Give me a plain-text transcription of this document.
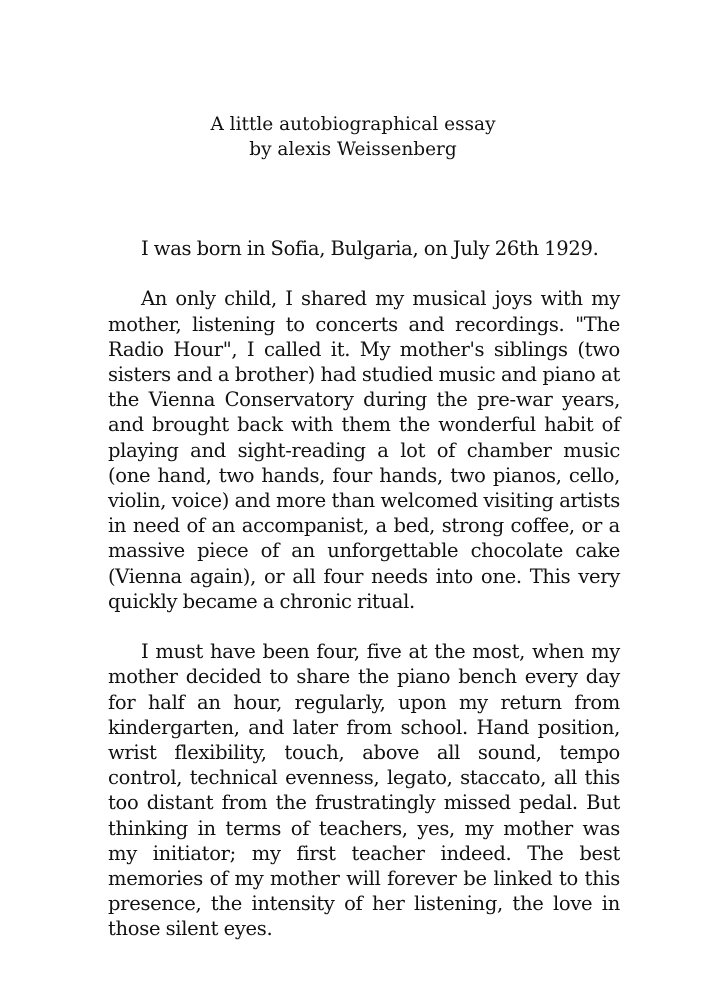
A little autobiographical essay
by alexis Weissenberg

I was born in Sofia, Bulgaria, on July 26th 1929.

An only child, I shared my musical joys with my mother, listening to concerts and recordings. "The Radio Hour", I called it. My mother's siblings (two sisters and a brother) had studied music and piano at the Vienna Conservatory during the pre-war years, and brought back with them the wonderful habit of playing and sight-reading a lot of chamber music (one hand, two hands, four hands, two pianos, cello, violin, voice) and more than welcomed visiting artists in need of an accompanist, a bed, strong coffee, or a massive piece of an unforgettable chocolate cake (Vienna again), or all four needs into one. This very quickly became a chronic ritual.

I must have been four, five at the most, when my mother decided to share the piano bench every day for half an hour, regularly, upon my return from kindergarten, and later from school. Hand position, wrist flexibility, touch, above all sound, tempo control, technical evenness, legato, staccato, all this too distant from the frustratingly missed pedal. But thinking in terms of teachers, yes, my mother was my initiator; my first teacher indeed. The best memories of my mother will forever be linked to this presence, the intensity of her listening, the love in those silent eyes.
